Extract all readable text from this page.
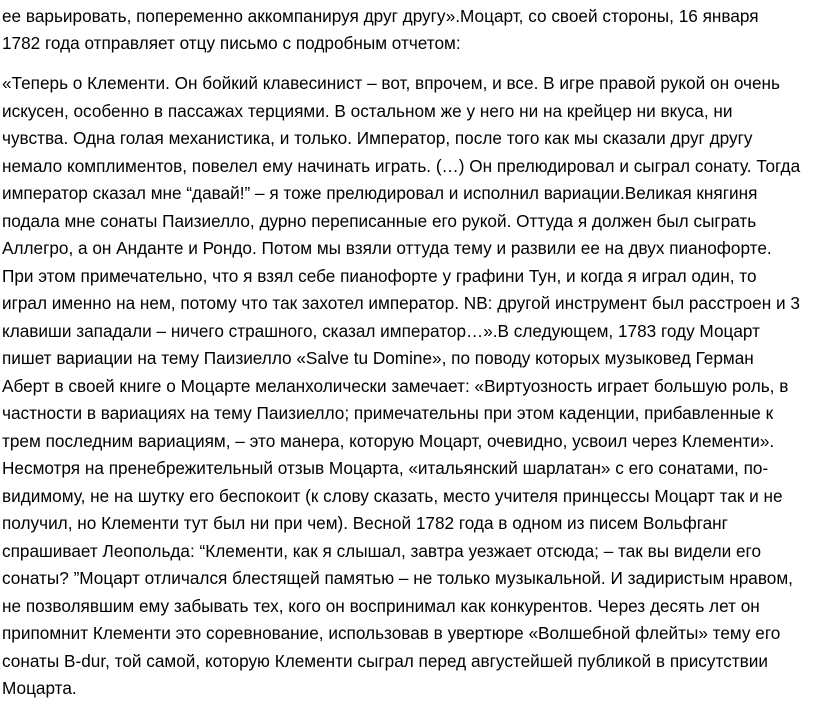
ее варьировать, попеременно аккомпанируя друг другу».Моцарт, со своей стороны, 16 января
1782 года отправляет отцу письмо с подробным отчетом:
«Теперь о Клементи. Он бойкий клавесинист – вот, впрочем, и все. В игре правой рукой он очень
искусен, особенно в пассажах терциями. В остальном же у него ни на крейцер ни вкуса, ни
чувства. Одна голая механистика, и только. Император, после того как мы сказали друг другу
немало комплиментов, повелел ему начинать играть. (…) Он прелюдировал и сыграл сонату. Тогда
император сказал мне “давай!” – я тоже прелюдировал и исполнил вариации.Великая княгиня
подала мне сонаты Паизиелло, дурно переписанные его рукой. Оттуда я должен был сыграть
Аллегро, а он Анданте и Рондо. Потом мы взяли оттуда тему и развили ее на двух пианофорте.
При этом примечательно, что я взял себе пианофорте у графини Тун, и когда я играл один, то
играл именно на нем, потому что так захотел император. NB: другой инструмент был расстроен и 3
клавиши западали – ничего страшного, сказал император…».В следующем, 1783 году Моцарт
пишет вариации на тему Паизиелло «Salve tu Domine», по поводу которых музыковед Герман
Аберт в своей книге о Моцарте меланхолически замечает: «Виртуозность играет большую роль, в
частности в вариациях на тему Паизиелло; примечательны при этом каденции, прибавленные к
трем последним вариациям, – это манера, которую Моцарт, очевидно, усвоил через Клементи».
Несмотря на пренебрежительный отзыв Моцарта, «итальянский шарлатан» с его сонатами, по-
видимому, не на шутку его беспокоит (к слову сказать, место учителя принцессы Моцарт так и не
получил, но Клементи тут был ни при чем). Весной 1782 года в одном из писем Вольфганг
спрашивает Леопольда: “Клементи, как я слышал, завтра уезжает отсюда; – так вы видели его
сонаты? ”Моцарт отличался блестящей памятью – не только музыкальной. И задиристым нравом,
не позволявшим ему забывать тех, кого он воспринимал как конкурентов. Через десять лет он
припомнит Клементи это соревнование, использовав в увертюре «Волшебной флейты» тему его
сонаты B-dur, той самой, которую Клементи сыграл перед августейшей публикой в присутствии
Моцарта.
